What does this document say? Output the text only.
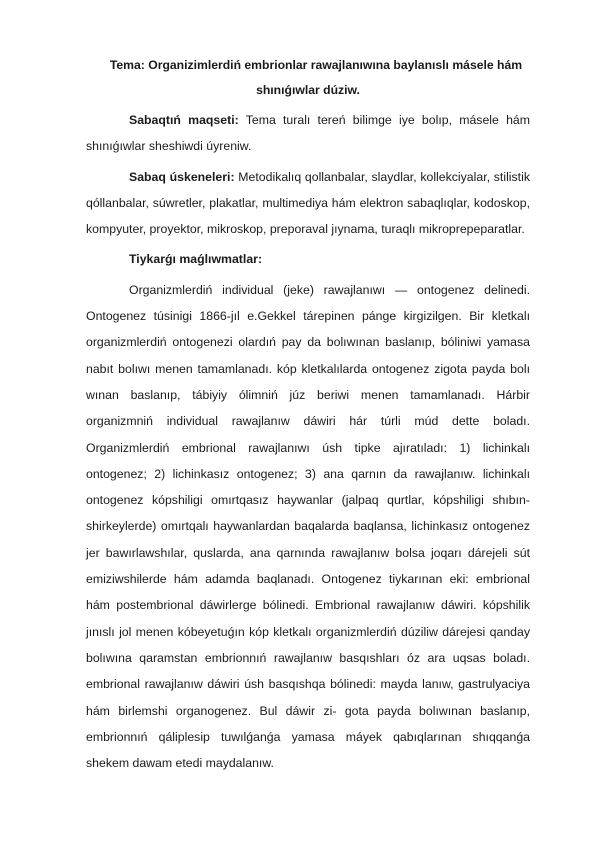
Tema: Organizimlerdiń embrionlar rawajlanıwına baylanıslı másele hám
shınıǵıwlar dúziw.

Sabaqtıń maqseti: Tema turalı tereń bilimge iye bolıp, másele hám shınıǵıwlar sheshiwdi úyreniw.

Sabaq úskeneleri: Metodikalıq qollanbalar, slaydlar, kollekciyalar, stilistik qóllanbalar, súwretler, plakatlar, multimediya hám elektron sabaqlıqlar, kodoskop, kompyuter, proyektor, mikroskop, preporaval jıynama, turaqlı mikroprepeparatlar.

Tiykarǵı maǵlıwmatlar:

Organizmlerdiń individual (jeke) rawajlanıwı — ontogenez delinedi. Ontogenez túsinigi 1866-jıl e.Gekkel tárepinen pánge kirgizilgen. Bir kletkalı organizmlerdiń ontogenezi olardıń pay da bolıwınan baslanıp, bóliniwi yamasa nabıt bolıwı menen tamamlanadı. kóp kletkalılarda ontogenez zigota payda bolı wınan baslanıp, tábiyiy ólimniń júz beriwi menen tamamlanadı. Hárbir organizmniń individual rawajlanıw dáwiri hár túrli múd dette boladı. Organizmlerdiń embrional rawajlanıwı úsh tipke ajıratıladı: 1) lichinkalı ontogenez; 2) lichinkasız ontogenez; 3) ana qarnın da rawajlanıw. lichinkalı ontogenez kópshiligi omırtqasız haywanlar (jalpaq qurtlar, kópshiligi shıbın-shirkeylerde) omırtqalı haywanlardan baqalarda baqlansa, lichinkasız ontogenez jer bawırlawshılar, quslarda, ana qarnında rawajlanıw bolsa joqarı dárejeli sút emiziwshilerde hám adamda baqlanadı. Ontogenez tiykarınan eki: embrional hám postembrional dáwirlerge bólinedi. Embrional rawajlanıw dáwiri. kópshilik jınıslı jol menen kóbeyetuǵın kóp kletkalı organizmlerdiń dúziliw dárejesi qanday bolıwına qaramstan embrionnıń rawajlanıw basqıshları óz ara uqsas boladı. embrional rawajlanıw dáwiri úsh basqıshqa bólinedi: mayda lanıw, gastrulyaciya hám birlemshi organogenez. Bul dáwir zi- gota payda bolıwınan baslanıp, embrionnıń qáliplesip tuwılǵanǵa yamasa máyek qabıqlarınan shıqqanǵa shekem dawam etedi maydalanıw.
